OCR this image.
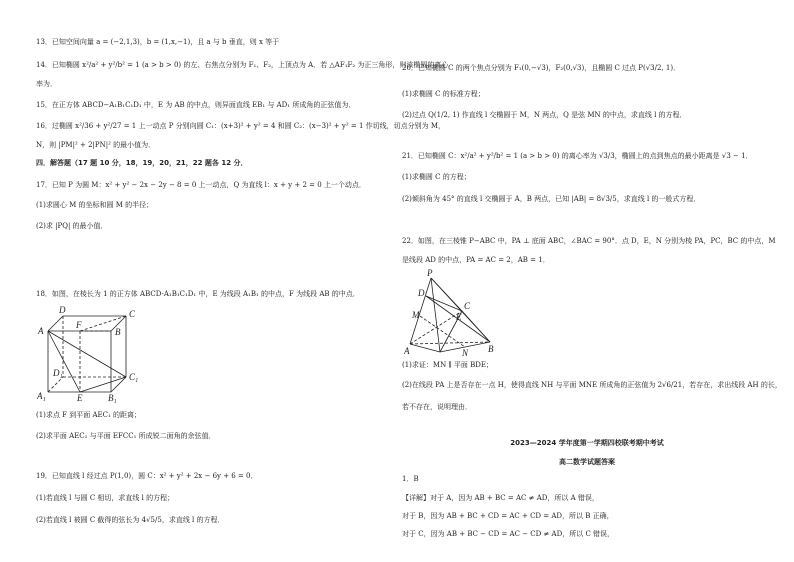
13．已知空间向量 a = (−2,1,3)，b = (1,x,−1)，且 a 与 b 垂直，则 x 等于
14．已知椭圆 x²/a² + y²/b² = 1 (a > b > 0) 的左、右焦点分别为 F₁、F₂，上顶点为 A．若 △AF₁F₂ 为正三角形，则该椭圆的离心
率为．
15．在正方体 ABCD−A₁B₁C₁D₁ 中，E 为 AB 的中点，则异面直线 EB₁ 与 AD₁ 所成角的正弦值为．
16．过椭圆 x²/36 + y²/27 = 1 上一动点 P 分别向圆 C₁：(x+3)² + y² = 4 和圆 C₂：(x−3)² + y² = 1 作切线，切点分别为 M，
N，则 |PM|² + 2|PN|² 的最小值为．
四．解答题（17 题 10 分，18，19，20，21，22 题各 12 分．
17．已知 P 为圆 M：x² + y² − 2x − 2y − 8 = 0 上一动点，Q 为直线 l：x + y + 2 = 0 上一个动点．
(1)求圆心 M 的坐标和圆 M 的半径；
(2)求 |PQ| 的最小值．
18．如图，在棱长为 1 的正方体 ABCD-A₁B₁C₁D₁ 中，E 为线段 A₁B₁ 的中点，F 为线段 AB 的中点．
A	B
C
D
A₁	B₁
C₁
D₁
E
F
(1)求点 F 到平面 AEC₁ 的距离；
(2)求平面 AEC₁ 与平面 EFCC₁ 所成锐二面角的余弦值．
19．已知直线 l 经过点 P(1,0)，圆 C：x² + y² + 2x − 6y + 6 = 0．
(1)若直线 l 与圆 C 相切，求直线 l 的方程；
(2)若直线 l 被圆 C 截得的弦长为 4√5/5，求直线 l 的方程．
20．已知椭圆 C 的两个焦点分别为 F₁(0,−√3)，F₂(0,√3)，且椭圆 C 过点 P(√3/2, 1)．
(1)求椭圆 C 的标准方程；
(2)过点 Q(1/2, 1) 作直线 l 交椭圆于 M，N 两点，Q 是弦 MN 的中点，求直线 l 的方程．
21．已知椭圆 C：x²/a² + y²/b² = 1 (a > b > 0) 的离心率为 √3/3，椭圆上的点到焦点的最小距离是 √3 − 1．
(1)求椭圆 C 的方程；
(2)倾斜角为 45° 的直线 l 交椭圆于 A，B 两点，已知 |AB| = 8√3/5，求直线 l 的一般式方程．
22．如图，在三棱锥 P−ABC 中，PA ⊥ 底面 ABC，∠BAC = 90°．点 D，E，N 分别为棱 PA，PC，BC 的中点，M
是线段 AD 的中点，PA = AC = 2，AB = 1．
P
A	B
C
D
E
M
N
(1)求证：MN ∥ 平面 BDE；
(2)在线段 PA 上是否存在一点 H，使得直线 NH 与平面 MNE 所成角的正弦值为 2√6/21，若存在，求出线段 AH 的长，
若不存在，说明理由．
2023—2024 学年度第一学期四校联考期中考试
高二数学试题答案
1．B
【详解】对于 A，因为 AB + BC = AC ≠ AD，所以 A 错误，
对于 B，因为 AB + BC + CD = AC + CD = AD，所以 B 正确，
对于 C，因为 AB + BC − CD = AC − CD ≠ AD，所以 C 错误，
